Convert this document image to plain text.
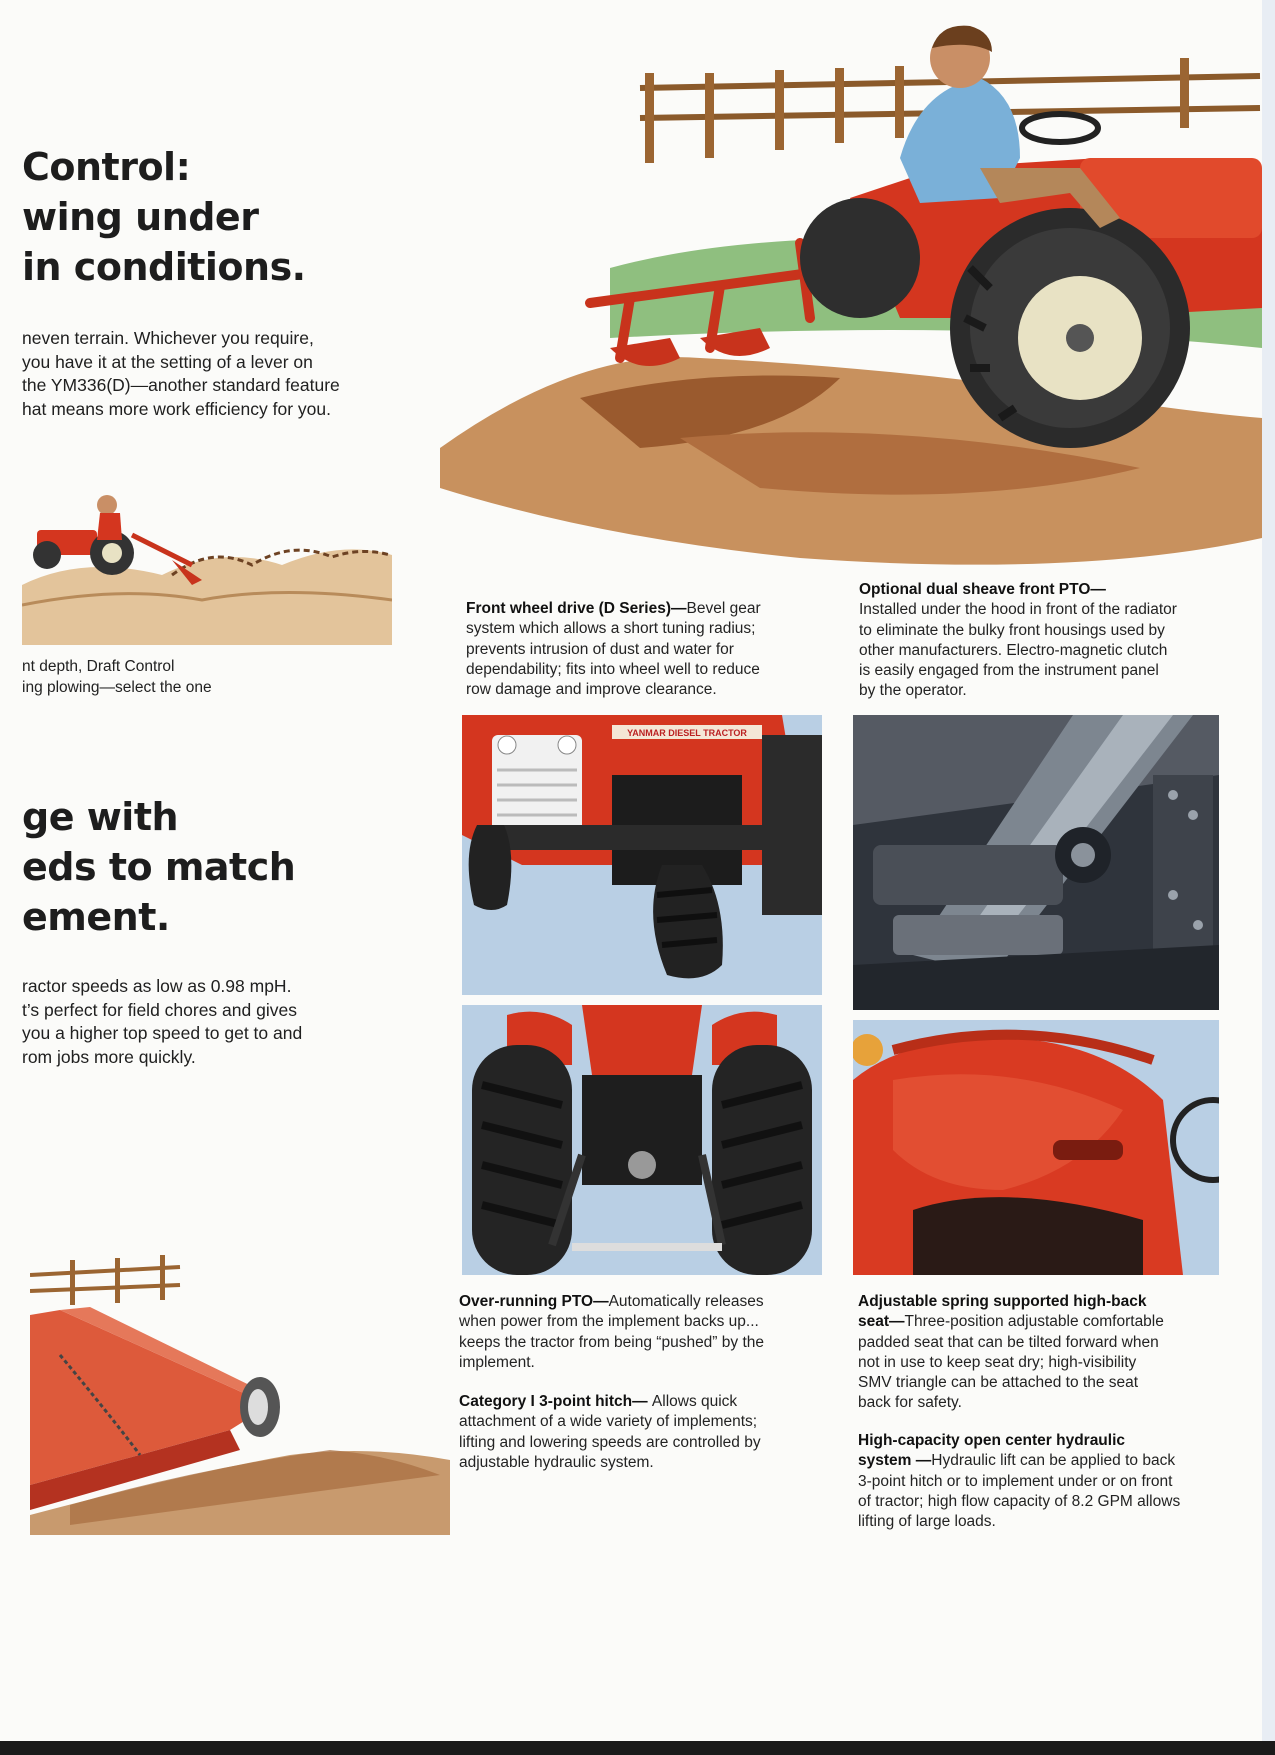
Control:
wing under
in conditions.
neven terrain. Whichever you require,
you have it at the setting of a lever on
the YM336(D)—another standard feature
hat means more work efficiency for you.
nt depth, Draft Control
ing plowing—select the one
ge with
eds to match
ement.
ractor speeds as low as 0.98 mpH.
t’s perfect for field chores and gives
you a higher top speed to get to and
rom jobs more quickly.
Front wheel drive (D Series)—Bevel gear
system which allows a short tuning radius;
prevents intrusion of dust and water for
dependability; fits into wheel well to reduce
row damage and improve clearance.
Optional dual sheave front PTO—
Installed under the hood in front of the radiator
to eliminate the bulky front housings used by
other manufacturers. Electro-magnetic clutch
is easily engaged from the instrument panel
by the operator.
YANMAR DIESEL TRACTOR
Over-running PTO—Automatically releases
when power from the implement backs up...
keeps the tractor from being “pushed” by the
implement.
Category I 3-point hitch— Allows quick
attachment of a wide variety of implements;
lifting and lowering speeds are controlled by
adjustable hydraulic system.
Adjustable spring supported high-back
seat—Three-position adjustable comfortable
padded seat that can be tilted forward when
not in use to keep seat dry; high-visibility
SMV triangle can be attached to the seat
back for safety.
High-capacity open center hydraulic
system —Hydraulic lift can be applied to back
3-point hitch or to implement under or on front
of tractor; high flow capacity of 8.2 GPM allows
lifting of large loads.
